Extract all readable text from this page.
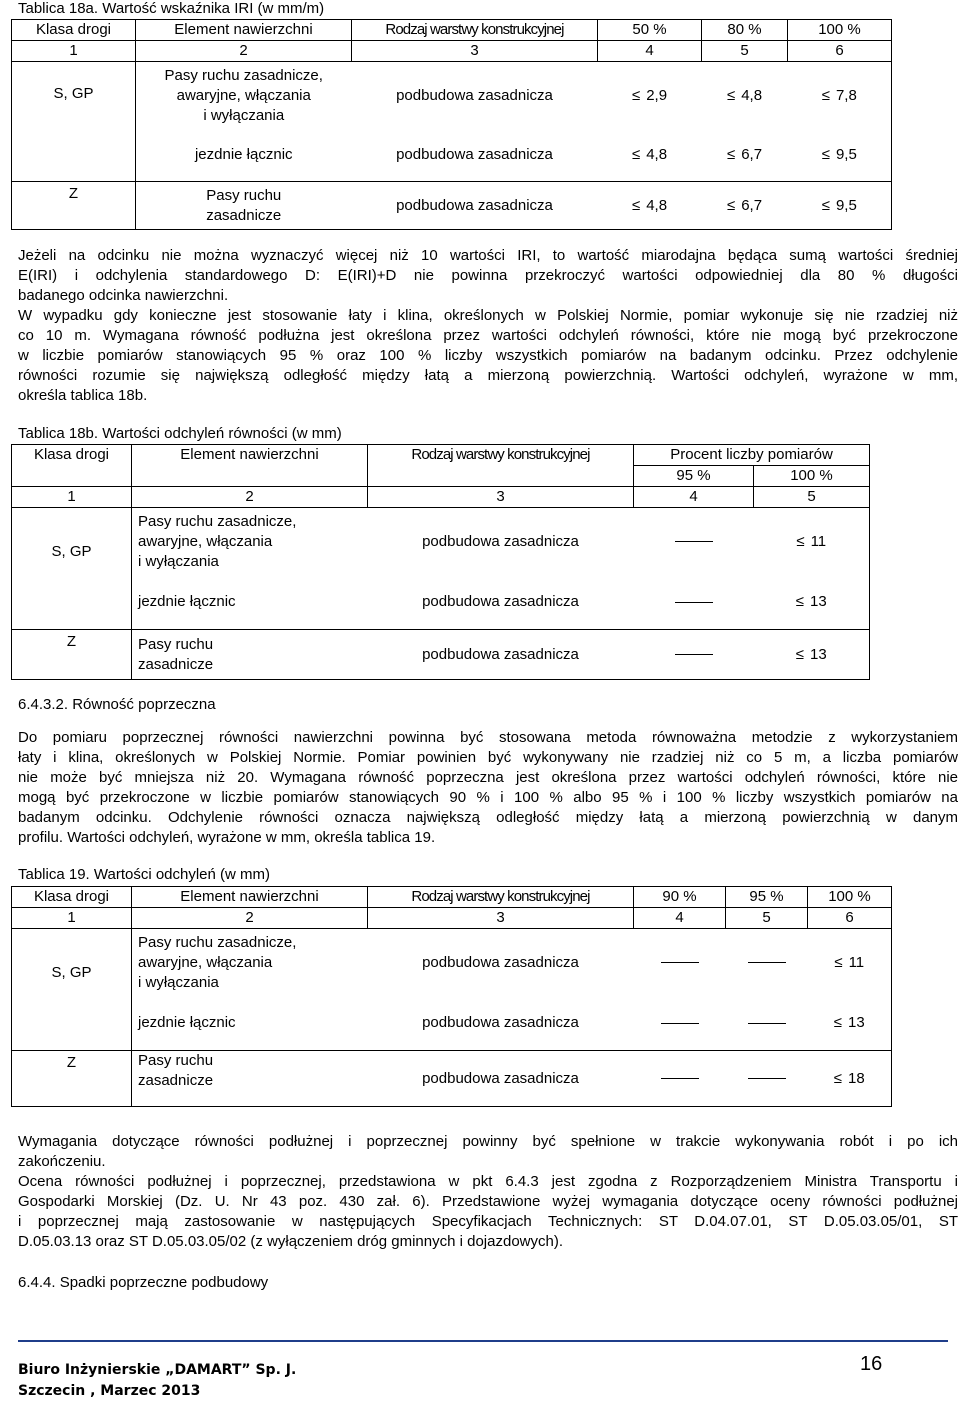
Tablica 18a. Wartość wskaźnika IRI (w mm/m)
Klasa drogi	Element nawierzchni	Rodzaj warstwy konstrukcyjnej	50 %	80 %	100 %
1	2	3	4	5	6
S, GP	Pasy ruchu zasadnicze,
awaryjne, włączania
i wyłączania	podbudowa zasadnicza	≤ 2,9	≤ 4,8	≤ 7,8
	jezdnie łącznic	podbudowa zasadnicza	≤ 4,8	≤ 6,7	≤ 9,5
Z	Pasy ruchu
zasadnicze	podbudowa zasadnicza	≤ 4,8	≤ 6,7	≤ 9,5
Jeżeli na odcinku nie można wyznaczyć więcej niż 10 wartości IRI, to wartość miarodajna będąca sumą wartości średniej
E(IRI) i odchylenia standardowego D: E(IRI)+D nie powinna przekroczyć wartości odpowiedniej dla 80 % długości
badanego odcinka nawierzchni.
W wypadku gdy konieczne jest stosowanie łaty i klina, określonych w Polskiej Normie, pomiar wykonuje się nie rzadziej niż
co 10 m. Wymagana równość podłużna jest określona przez wartości odchyleń równości, które nie mogą być przekroczone
w liczbie pomiarów stanowiących 95 % oraz 100 % liczby wszystkich pomiarów na badanym odcinku. Przez odchylenie
równości rozumie się największą odległość między łatą a mierzoną powierzchnią. Wartości odchyleń, wyrażone w mm,
określa tablica 18b.
Tablica 18b. Wartości odchyleń równości (w mm)
Klasa drogi	Element nawierzchni	Rodzaj warstwy konstrukcyjnej	Procent liczby pomiarów	
			95 %	100 %
1	2	3	4	5
S, GP	Pasy ruchu zasadnicze,
awaryjne, włączania
i wyłączania	podbudowa zasadnicza		≤ 11
	jezdnie łącznic	podbudowa zasadnicza		≤ 13
Z	Pasy ruchu
zasadnicze	podbudowa zasadnicza		≤ 13
6.4.3.2. Równość poprzeczna
Do pomiaru poprzecznej równości nawierzchni powinna być stosowana metoda równoważna metodzie z wykorzystaniem
łaty i klina, określonych w Polskiej Normie. Pomiar powinien być wykonywany nie rzadziej niż co 5 m, a liczba pomiarów
nie może być mniejsza niż 20. Wymagana równość poprzeczna jest określona przez wartości odchyleń równości, które nie
mogą być przekroczone w liczbie pomiarów stanowiących 90 % i 100 % albo 95 % i 100 % liczby wszystkich pomiarów na
badanym odcinku. Odchylenie równości oznacza największą odległość między łatą a mierzoną powierzchnią w danym
profilu. Wartości odchyleń, wyrażone w mm, określa tablica 19.
Tablica 19. Wartości odchyleń (w mm)
Klasa drogi	Element nawierzchni	Rodzaj warstwy konstrukcyjnej	90 %	95 %	100 %
1	2	3	4	5	6
S, GP	Pasy ruchu zasadnicze,
awaryjne, włączania
i wyłączania	podbudowa zasadnicza			≤ 11
	jezdnie łącznic	podbudowa zasadnicza			≤ 13
Z	Pasy ruchu
zasadnicze	podbudowa zasadnicza			≤ 18
Wymagania dotyczące równości podłużnej i poprzecznej powinny być spełnione w trakcie wykonywania robót i po ich
zakończeniu.
Ocena równości podłużnej i poprzecznej, przedstawiona w pkt 6.4.3 jest zgodna z Rozporządzeniem Ministra Transportu i
Gospodarki Morskiej (Dz. U. Nr 43 poz. 430 zał. 6). Przedstawione wyżej wymagania dotyczące oceny równości podłużnej
i poprzecznej mają zastosowanie w następujących Specyfikacjach Technicznych: ST D.04.07.01, ST D.05.03.05/01, ST
D.05.03.13 oraz ST D.05.03.05/02 (z wyłączeniem dróg gminnych i dojazdowych).
6.4.4. Spadki poprzeczne podbudowy
Biuro Inżynierskie „DAMART” Sp. J.
Szczecin , Marzec 2013
16
